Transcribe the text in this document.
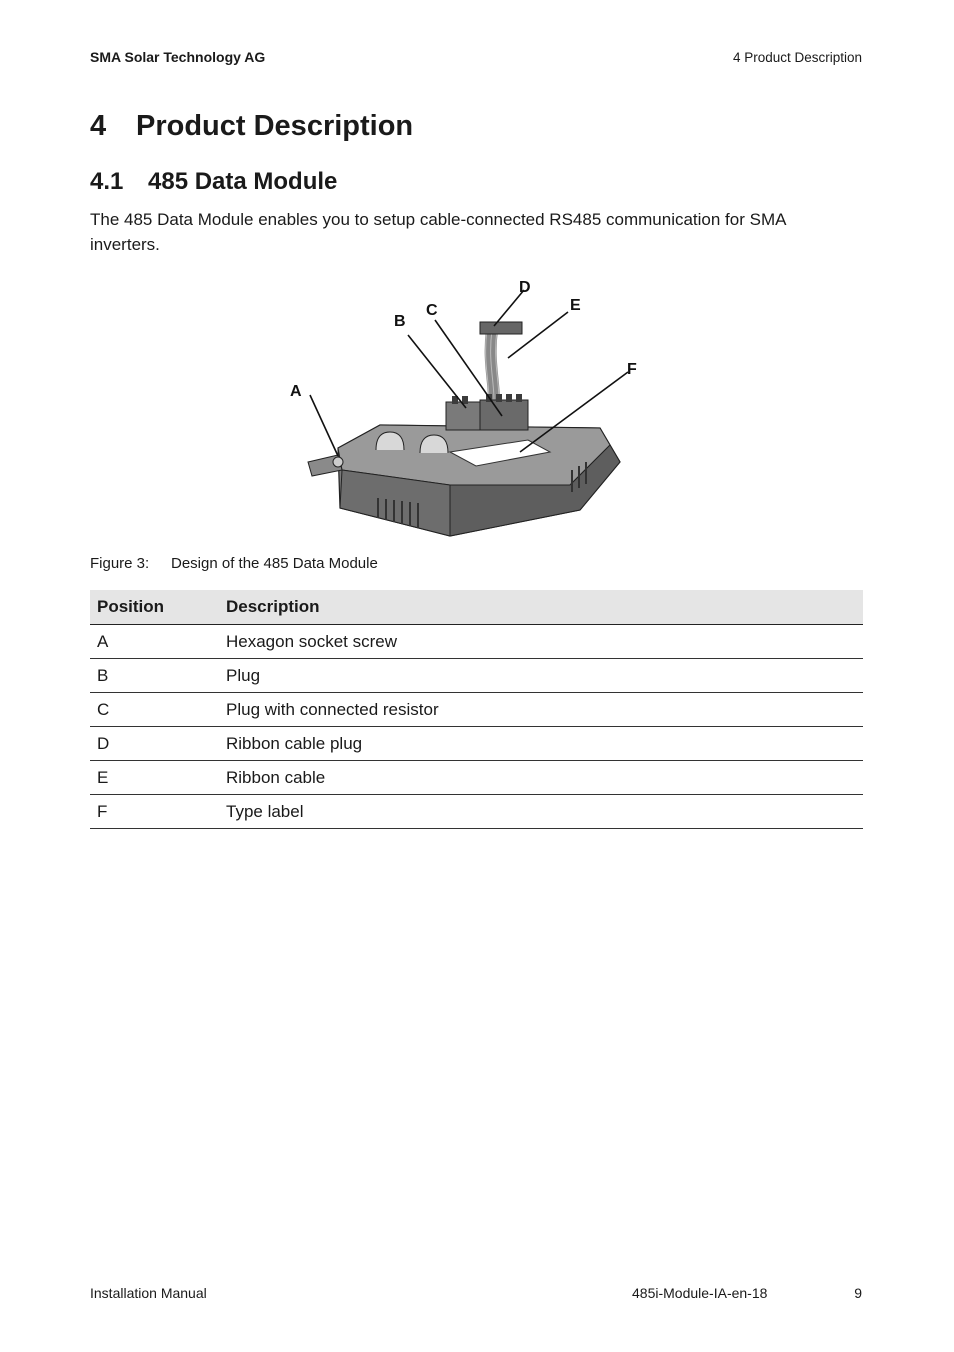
SMA Solar Technology AG	4 Product Description
4 Product Description
4.1 485 Data Module

The 485 Data Module enables you to setup cable-connected RS485 communication for SMA inverters.

A
B
C
D
E
F
Figure 3: Design of the 485 Data Module
Position	Description
A	Hexagon socket screw
B	Plug
C	Plug with connected resistor
D	Ribbon cable plug
E	Ribbon cable
F	Type label
Installation Manual	485i-Module-IA-en-18	9
